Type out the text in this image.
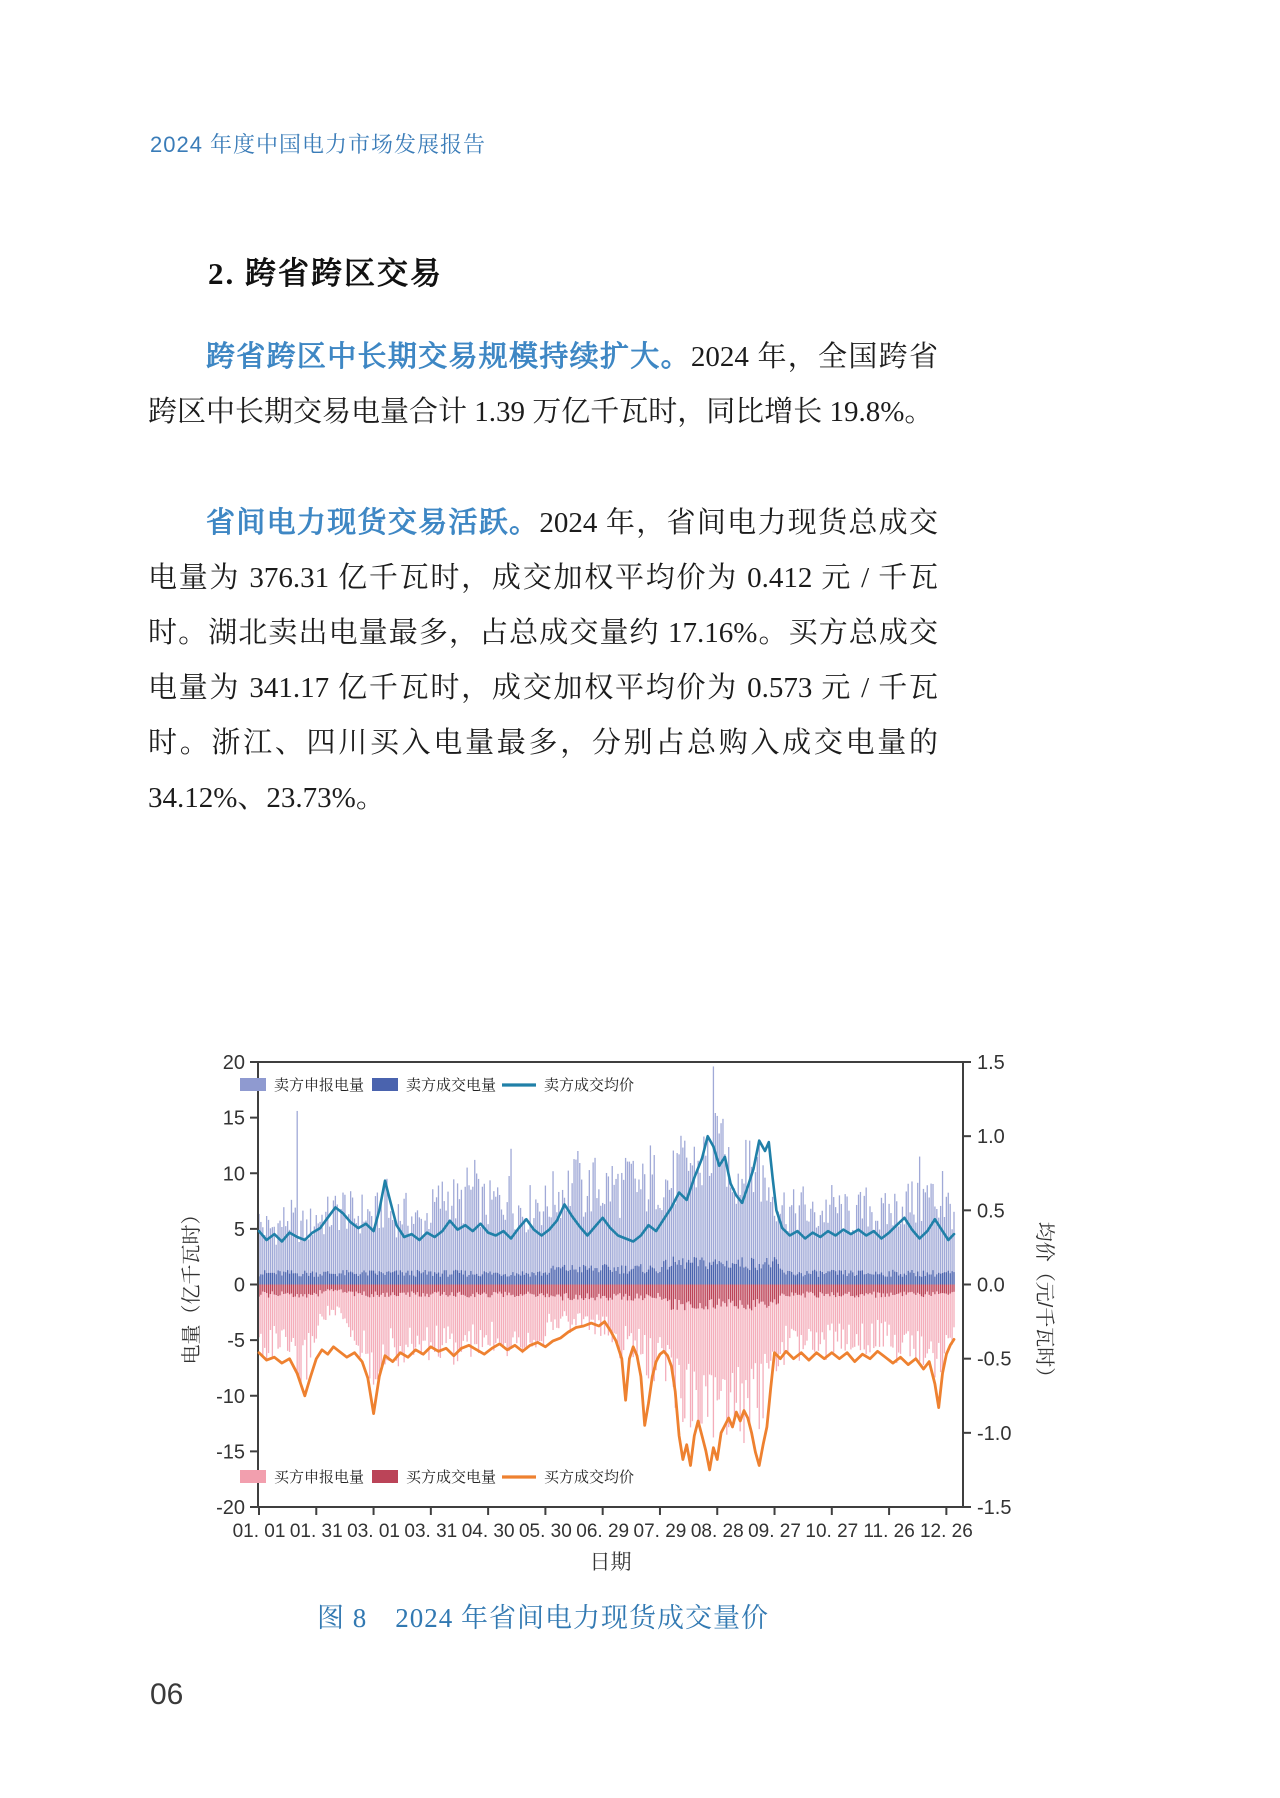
2024 年度中国电力市场发展报告
2. 跨省跨区交易

跨省跨区中长期交易规模持续扩大。2024 年，全国跨省跨区中长期交易电量合计 1.39 万亿千瓦时，同比增长 19.8%。

省间电力现货交易活跃。2024 年，省间电力现货总成交电量为 376.31 亿千瓦时，成交加权平均价为 0.412 元 / 千瓦时。湖北卖出电量最多，占总成交量约 17.16%。买方总成交电量为 341.17 亿千瓦时，成交加权平均价为 0.573 元 / 千瓦时。浙江、四川买入电量最多，分别占总购入成交电量的 34.12%、23.73%。

20
15
10
5
0
-5
-10
-15
-20
1.5
1.0
0.5
0.0
-0.5
-1.0
-1.5
01. 01 01. 31 03. 01 03. 31 04. 30 05. 30 06. 29 07. 29 08. 28 09. 27 10. 27 11. 26 12. 26
电量（亿千瓦时）	均价（元/千瓦时）
日期
卖方申报电量	卖方成交电量	卖方成交均价
买方申报电量	买方成交电量	买方成交均价
图 8　2024 年省间电力现货成交量价
06
